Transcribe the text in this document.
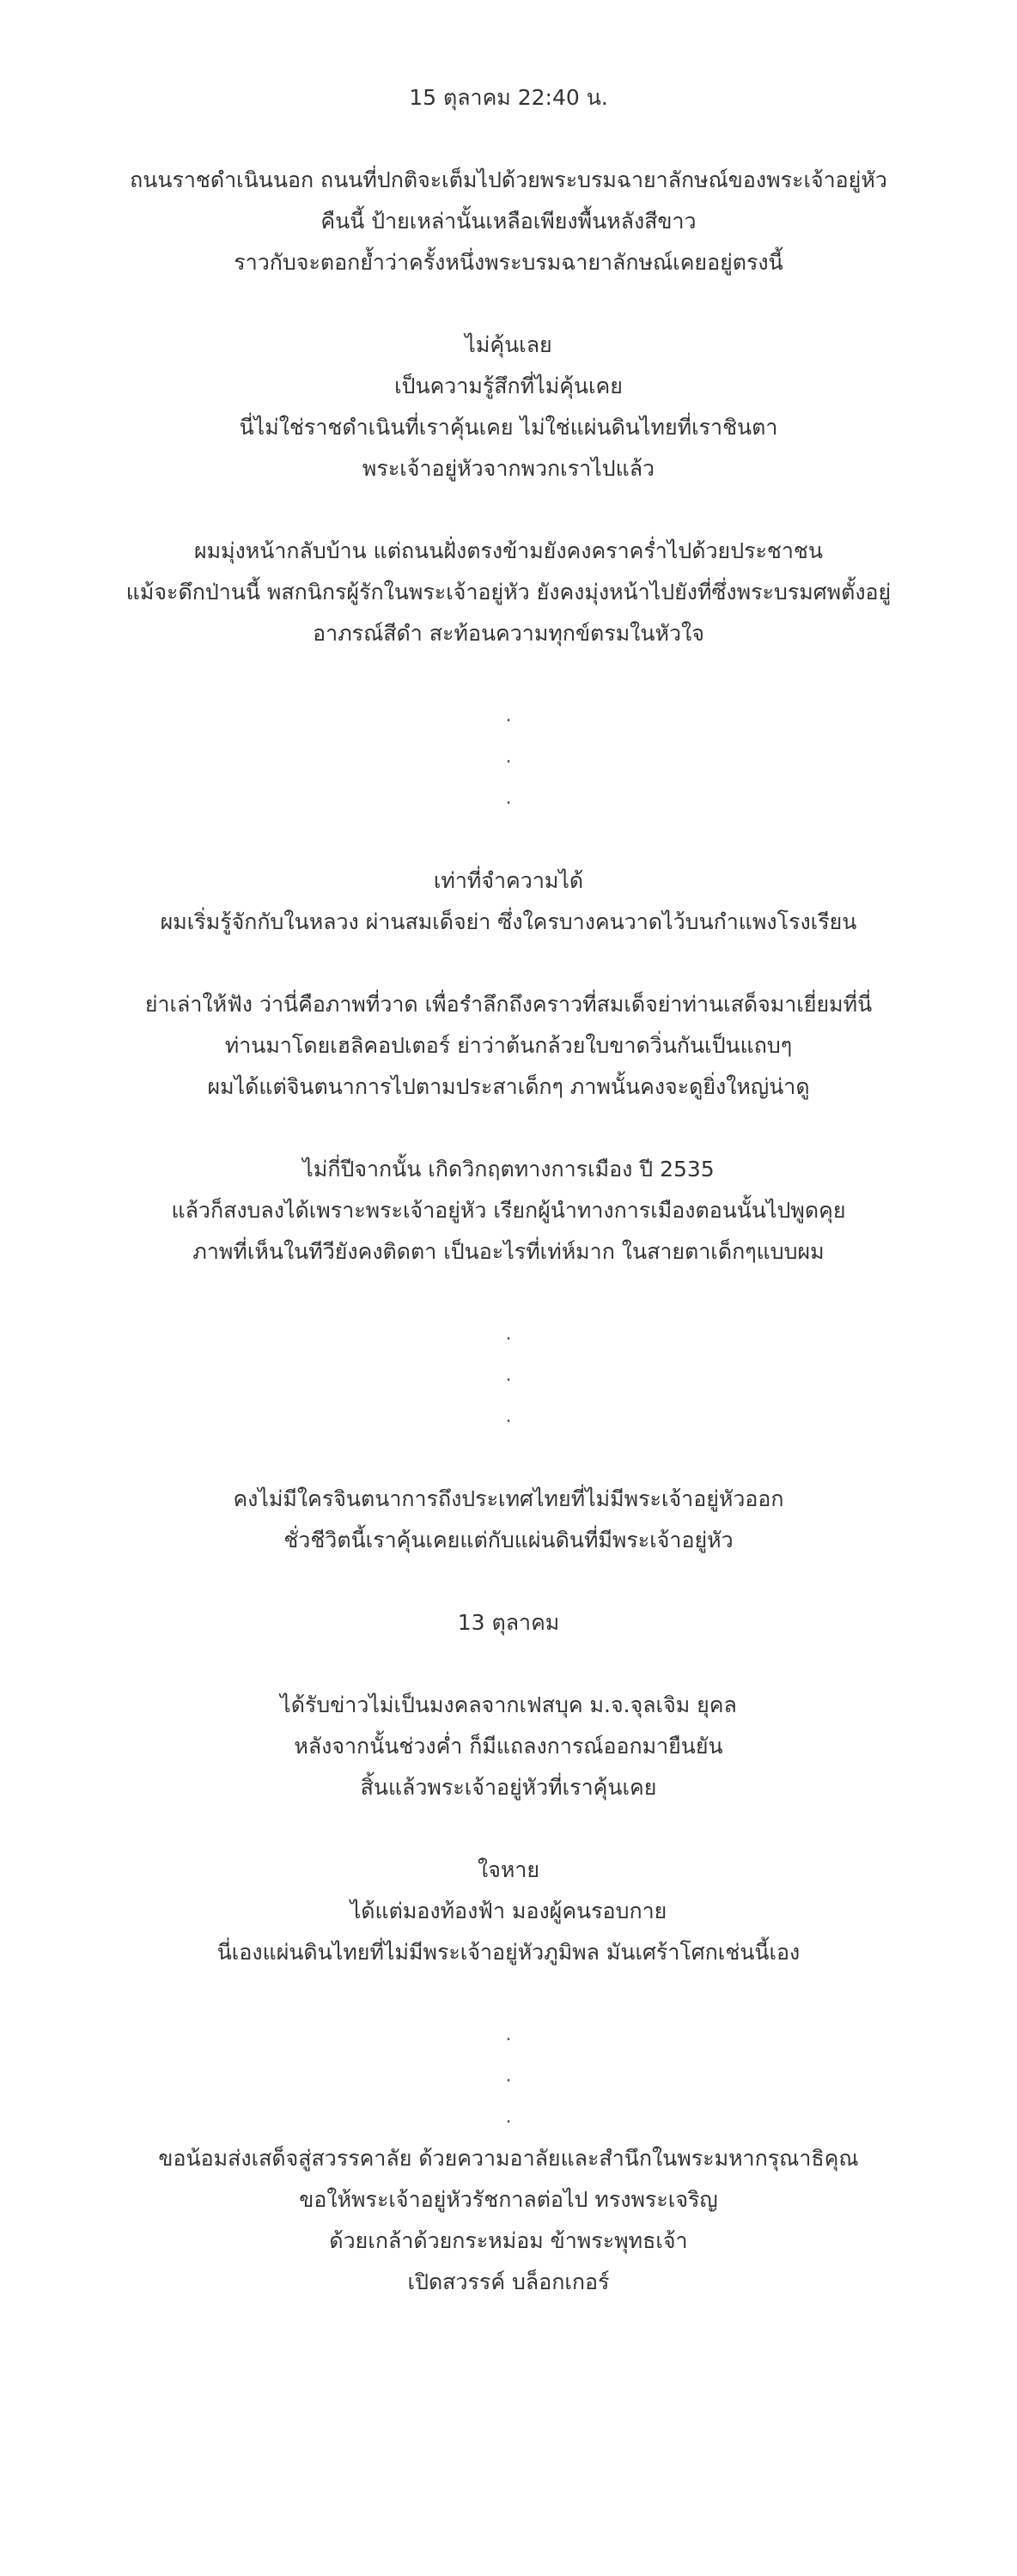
15 ตุลาคม 22:40 น.
ถนนราชดำเนินนอก ถนนที่ปกติจะเต็มไปด้วยพระบรมฉายาลักษณ์ของพระเจ้าอยู่หัว
คืนนี้ ป้ายเหล่านั้นเหลือเพียงพื้นหลังสีขาว
ราวกับจะตอกย้ำว่าครั้งหนึ่งพระบรมฉายาลักษณ์เคยอยู่ตรงนี้
ไม่คุ้นเลย
เป็นความรู้สึกที่ไม่คุ้นเคย
นี่ไม่ใช่ราชดำเนินที่เราคุ้นเคย ไม่ใช่แผ่นดินไทยที่เราชินตา
พระเจ้าอยู่หัวจากพวกเราไปแล้ว
ผมมุ่งหน้ากลับบ้าน แต่ถนนฝั่งตรงข้ามยังคงคราคร่ำไปด้วยประชาชน
แม้จะดึกป่านนี้ พสกนิกรผู้รักในพระเจ้าอยู่หัว ยังคงมุ่งหน้าไปยังที่ซึ่งพระบรมศพตั้งอยู่
อาภรณ์สีดำ สะท้อนความทุกข์ตรมในหัวใจ
.
.
.
เท่าที่จำความได้
ผมเริ่มรู้จักกับในหลวง ผ่านสมเด็จย่า ซึ่งใครบางคนวาดไว้บนกำแพงโรงเรียน
ย่าเล่าให้ฟัง ว่านี่คือภาพที่วาด เพื่อรำลึกถึงคราวที่สมเด็จย่าท่านเสด็จมาเยี่ยมที่นี่
ท่านมาโดยเฮลิคอปเตอร์ ย่าว่าต้นกล้วยใบขาดวิ่นกันเป็นแถบๆ
ผมได้แต่จินตนาการไปตามประสาเด็กๆ ภาพนั้นคงจะดูยิ่งใหญ่น่าดู
ไม่กี่ปีจากนั้น เกิดวิกฤตทางการเมือง ปี 2535
แล้วก็สงบลงได้เพราะพระเจ้าอยู่หัว เรียกผู้นำทางการเมืองตอนนั้นไปพูดคุย
ภาพที่เห็นในทีวียังคงติดตา เป็นอะไรที่เท่ห์มาก ในสายตาเด็กๆแบบผม
.
.
.
คงไม่มีใครจินตนาการถึงประเทศไทยที่ไม่มีพระเจ้าอยู่หัวออก
ชั่วชีวิตนี้เราคุ้นเคยแต่กับแผ่นดินที่มีพระเจ้าอยู่หัว
13 ตุลาคม
ได้รับข่าวไม่เป็นมงคลจากเฟสบุค ม.จ.จุลเจิม ยุคล
หลังจากนั้นช่วงค่ำ ก็มีแถลงการณ์ออกมายืนยัน
สิ้นแล้วพระเจ้าอยู่หัวที่เราคุ้นเคย
ใจหาย
ได้แต่มองท้องฟ้า มองผู้คนรอบกาย
นี่เองแผ่นดินไทยที่ไม่มีพระเจ้าอยู่หัวภูมิพล มันเศร้าโศกเช่นนี้เอง
.
.
.
ขอน้อมส่งเสด็จสู่สวรรคาลัย ด้วยความอาลัยและสำนึกในพระมหากรุณาธิคุณ
ขอให้พระเจ้าอยู่หัวรัชกาลต่อไป ทรงพระเจริญ
ด้วยเกล้าด้วยกระหม่อม ข้าพระพุทธเจ้า
เปิดสวรรค์ บล็อกเกอร์
